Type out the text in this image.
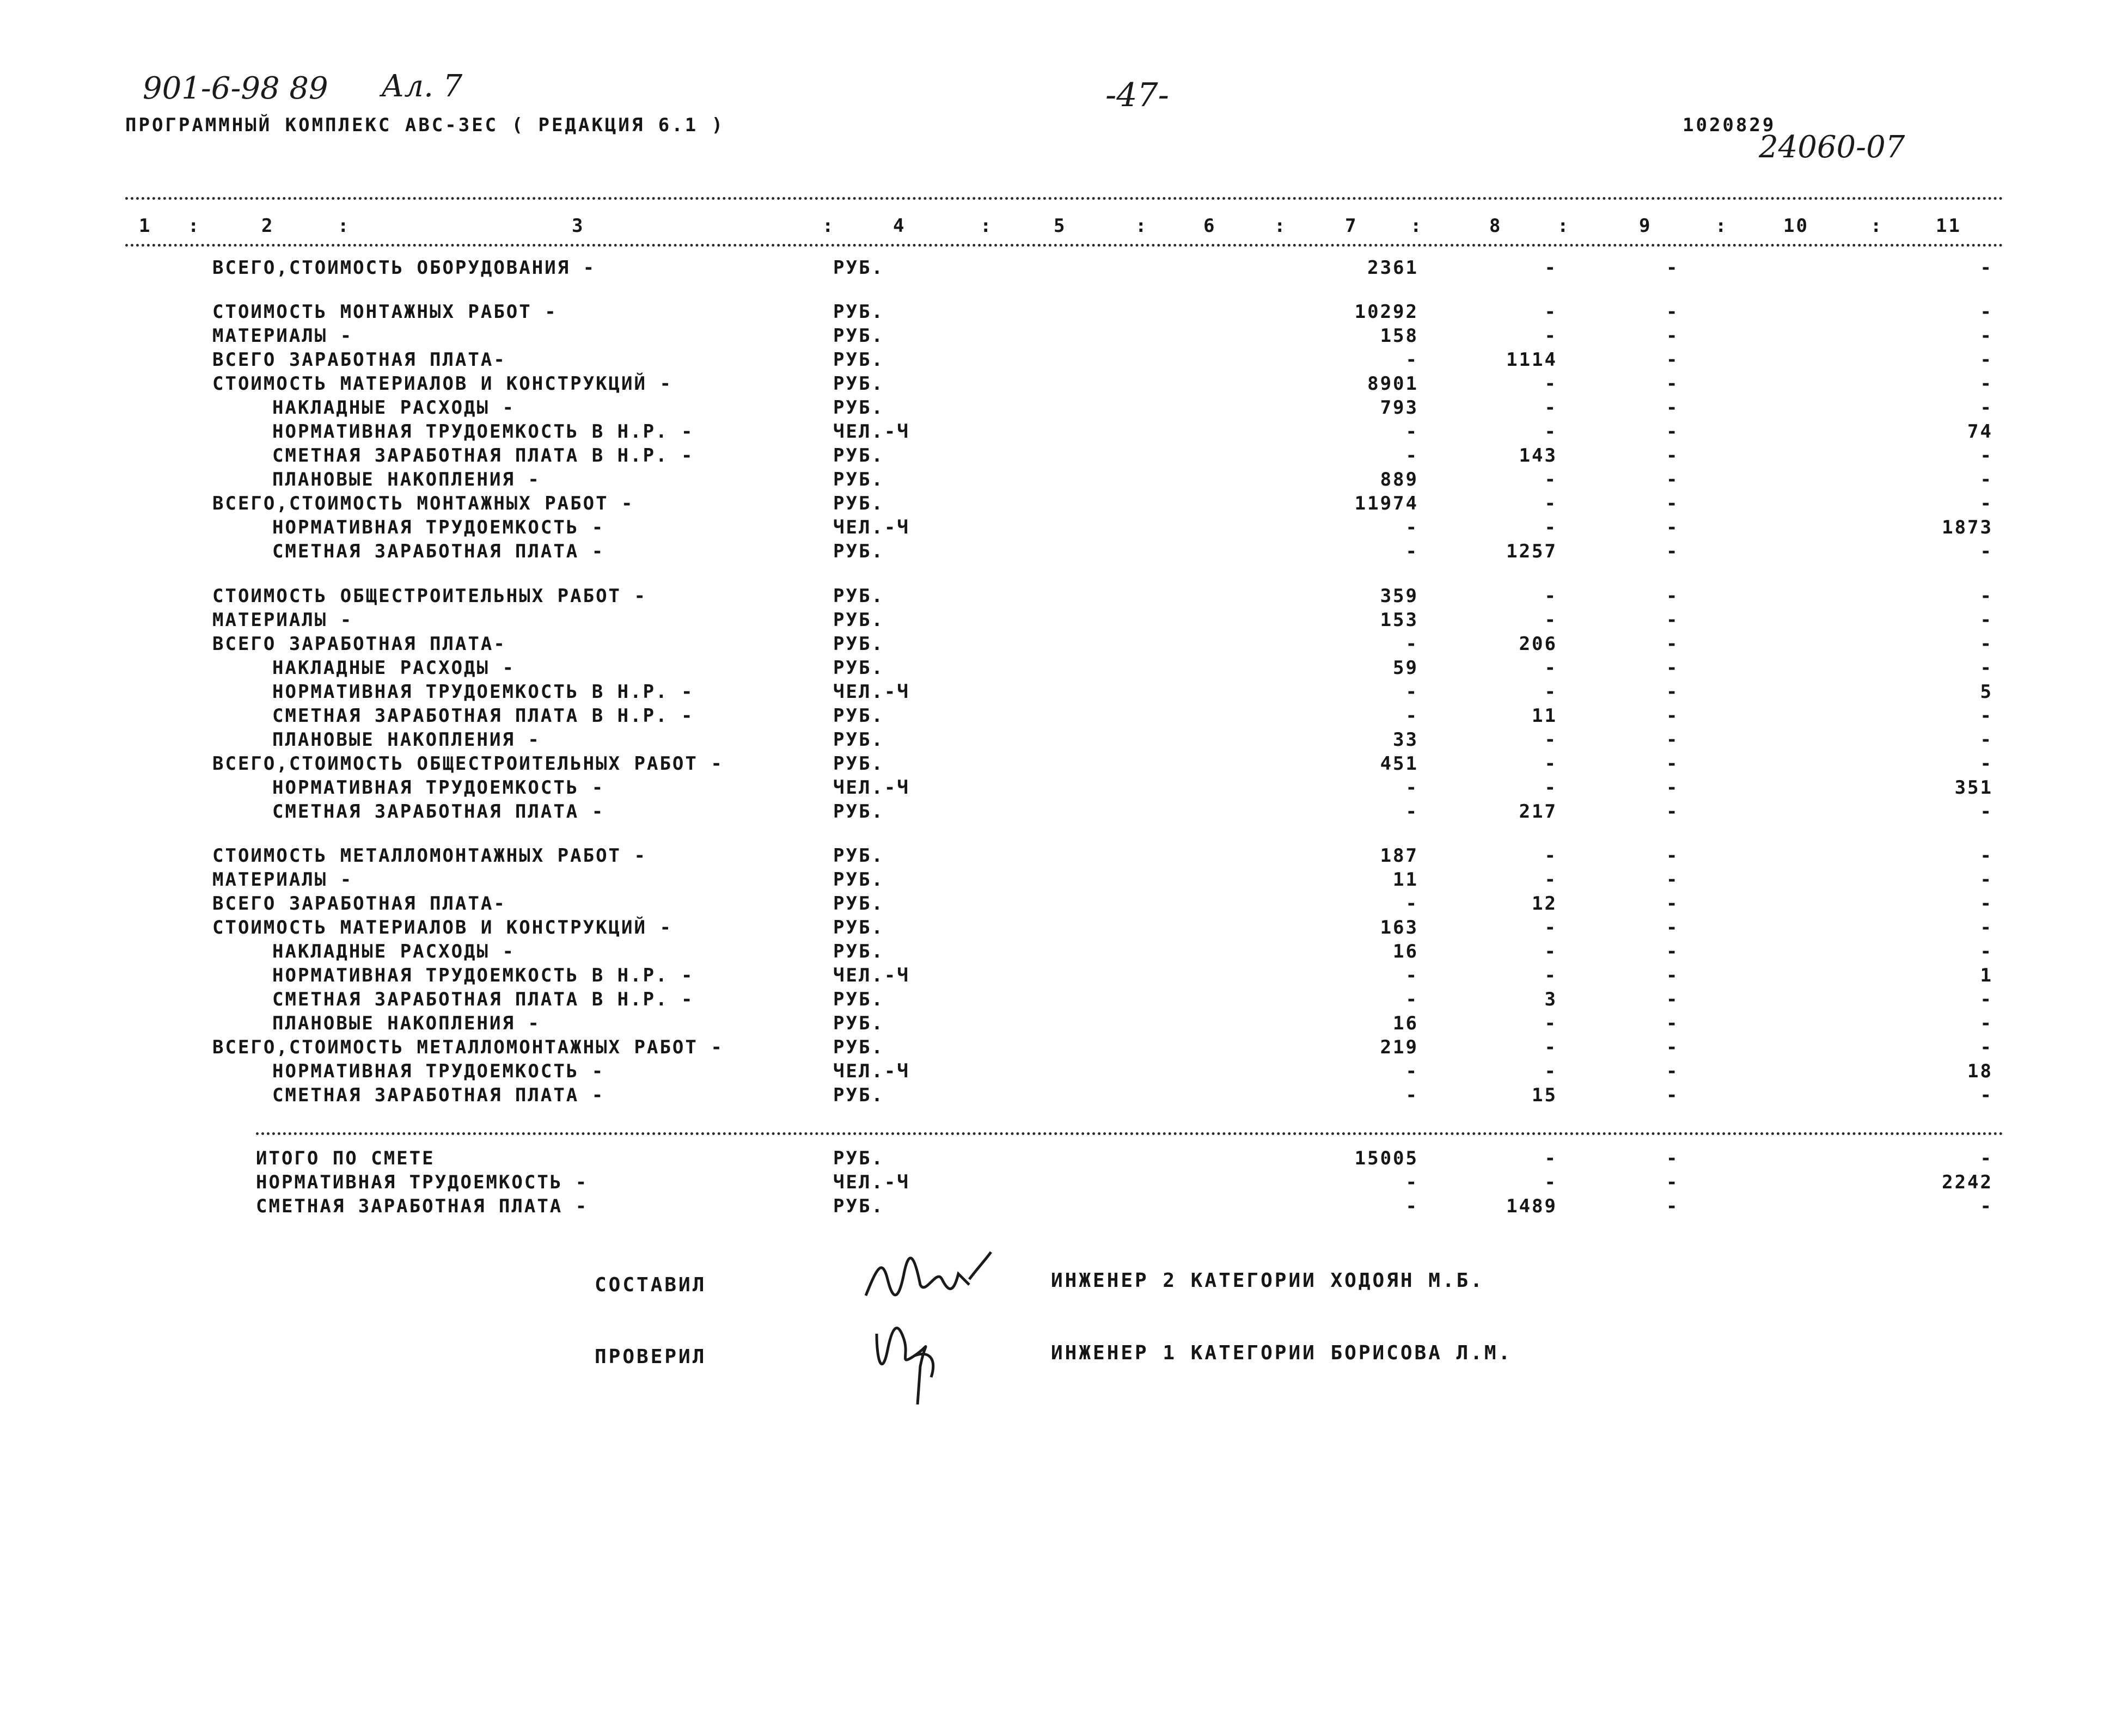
901-6-98 89 Ал. 7	-47-
ПРОГРАММНЫЙ КОМПЛЕКС АВС-3ЕС ( РЕДАКЦИЯ 6.1 )	1020829
24060-07
1	2	3	4	5	6	7	8	9	10	11
:	:	:	:	:	:	:	:	:	:
ВСЕГО,СТОИМОСТЬ ОБОРУДОВАНИЯ -	РУБ.	2361	-	-	-
СТОИМОСТЬ МОНТАЖНЫХ РАБОТ -	РУБ.	10292	-	-	-
МАТЕРИАЛЫ -	РУБ.	158	-	-	-
ВСЕГО ЗАРАБОТНАЯ ПЛАТА-	РУБ.	-	1114	-	-
СТОИМОСТЬ МАТЕРИАЛОВ И КОНСТРУКЦИЙ -	РУБ.	8901	-	-	-
НАКЛАДНЫЕ РАСХОДЫ -	РУБ.	793	-	-	-
НОРМАТИВНАЯ ТРУДОЕМКОСТЬ В Н.Р. -	ЧЕЛ.-Ч	-	-	-	74
СМЕТНАЯ ЗАРАБОТНАЯ ПЛАТА В Н.Р. -	РУБ.	-	143	-	-
ПЛАНОВЫЕ НАКОПЛЕНИЯ -	РУБ.	889	-	-	-
ВСЕГО,СТОИМОСТЬ МОНТАЖНЫХ РАБОТ -	РУБ.	11974	-	-	-
НОРМАТИВНАЯ ТРУДОЕМКОСТЬ -	ЧЕЛ.-Ч	-	-	-	1873
СМЕТНАЯ ЗАРАБОТНАЯ ПЛАТА -	РУБ.	-	1257	-	-
СТОИМОСТЬ ОБЩЕСТРОИТЕЛЬНЫХ РАБОТ -	РУБ.	359	-	-	-
МАТЕРИАЛЫ -	РУБ.	153	-	-	-
ВСЕГО ЗАРАБОТНАЯ ПЛАТА-	РУБ.	-	206	-	-
НАКЛАДНЫЕ РАСХОДЫ -	РУБ.	59	-	-	-
НОРМАТИВНАЯ ТРУДОЕМКОСТЬ В Н.Р. -	ЧЕЛ.-Ч	-	-	-	5
СМЕТНАЯ ЗАРАБОТНАЯ ПЛАТА В Н.Р. -	РУБ.	-	11	-	-
ПЛАНОВЫЕ НАКОПЛЕНИЯ -	РУБ.	33	-	-	-
ВСЕГО,СТОИМОСТЬ ОБЩЕСТРОИТЕЛЬНЫХ РАБОТ -	РУБ.	451	-	-	-
НОРМАТИВНАЯ ТРУДОЕМКОСТЬ -	ЧЕЛ.-Ч	-	-	-	351
СМЕТНАЯ ЗАРАБОТНАЯ ПЛАТА -	РУБ.	-	217	-	-
СТОИМОСТЬ МЕТАЛЛОМОНТАЖНЫХ РАБОТ -	РУБ.	187	-	-	-
МАТЕРИАЛЫ -	РУБ.	11	-	-	-
ВСЕГО ЗАРАБОТНАЯ ПЛАТА-	РУБ.	-	12	-	-
СТОИМОСТЬ МАТЕРИАЛОВ И КОНСТРУКЦИЙ -	РУБ.	163	-	-	-
НАКЛАДНЫЕ РАСХОДЫ -	РУБ.	16	-	-	-
НОРМАТИВНАЯ ТРУДОЕМКОСТЬ В Н.Р. -	ЧЕЛ.-Ч	-	-	-	1
СМЕТНАЯ ЗАРАБОТНАЯ ПЛАТА В Н.Р. -	РУБ.	-	3	-	-
ПЛАНОВЫЕ НАКОПЛЕНИЯ -	РУБ.	16	-	-	-
ВСЕГО,СТОИМОСТЬ МЕТАЛЛОМОНТАЖНЫХ РАБОТ -	РУБ.	219	-	-	-
НОРМАТИВНАЯ ТРУДОЕМКОСТЬ -	ЧЕЛ.-Ч	-	-	-	18
СМЕТНАЯ ЗАРАБОТНАЯ ПЛАТА -	РУБ.	-	15	-	-
ИТОГО ПО СМЕТЕ	РУБ.	15005	-	-	-
НОРМАТИВНАЯ ТРУДОЕМКОСТЬ -	ЧЕЛ.-Ч	-	-	-	2242
СМЕТНАЯ ЗАРАБОТНАЯ ПЛАТА -	РУБ.	-	1489	-	-
СОСТАВИЛ	ИНЖЕНЕР 2 КАТЕГОРИИ ХОДОЯН М.Б.
ПРОВЕРИЛ	ИНЖЕНЕР 1 КАТЕГОРИИ БОРИСОВА Л.М.
